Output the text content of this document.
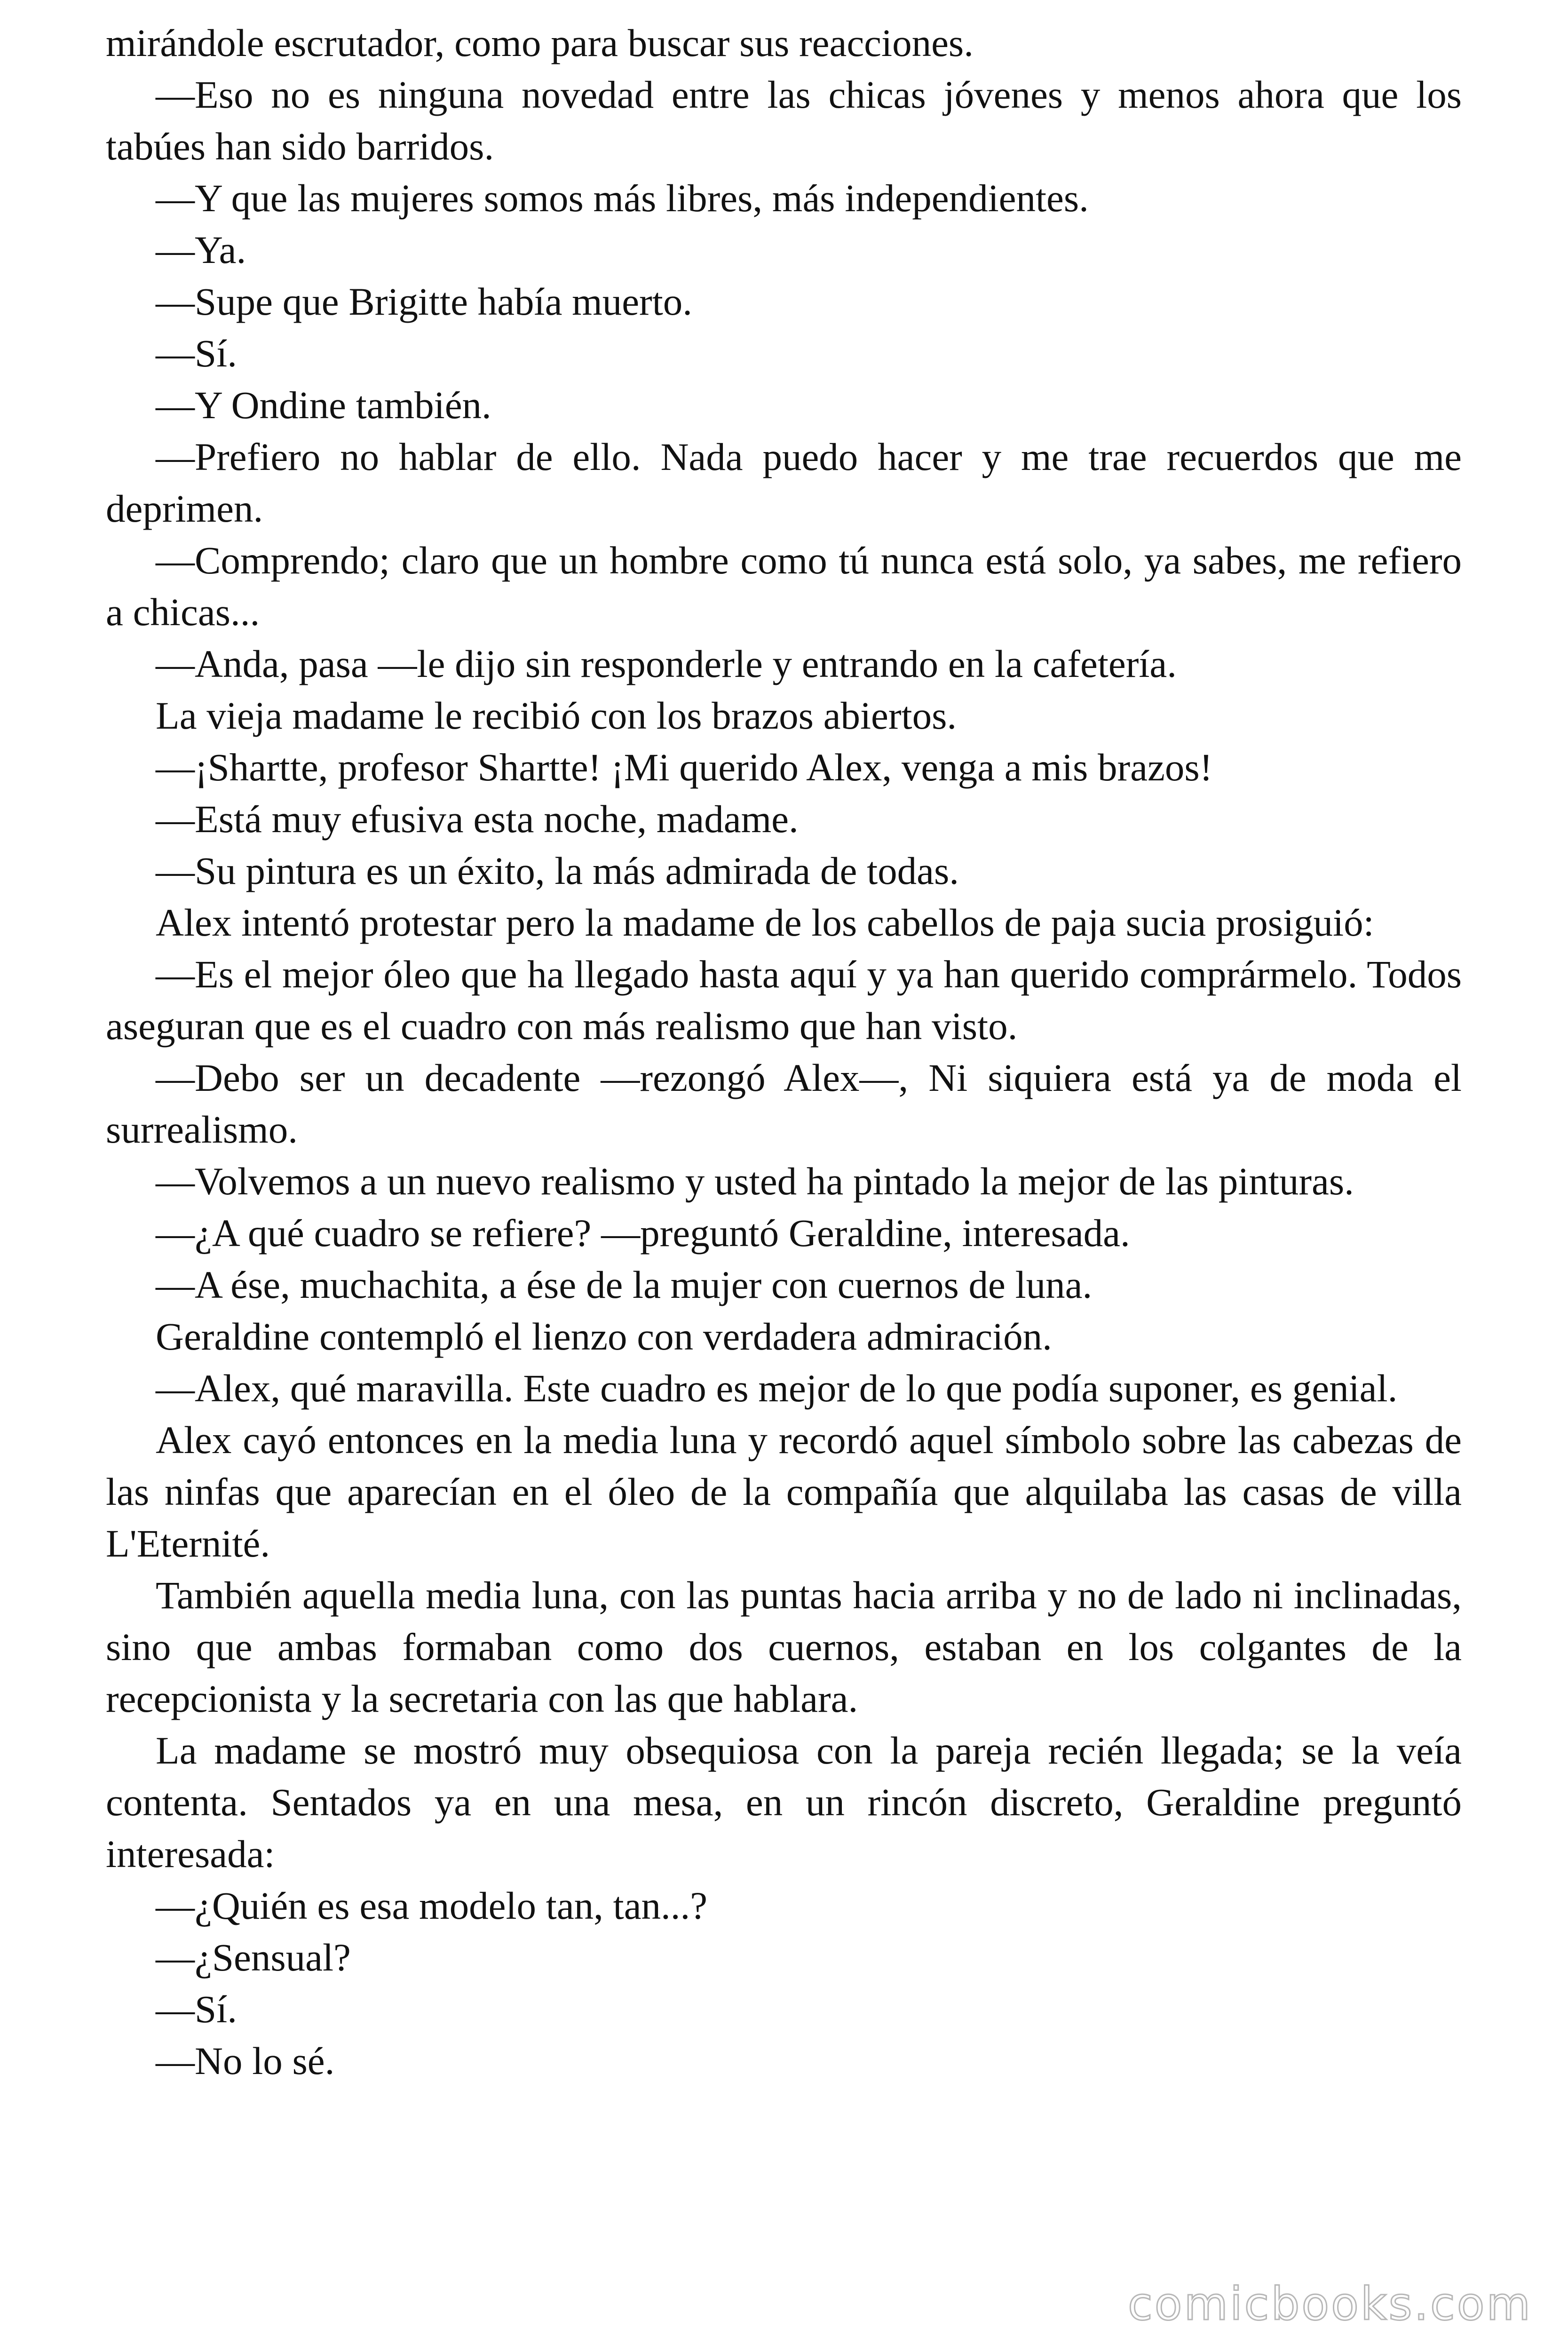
mirándole escrutador, como para buscar sus reacciones.

—Eso no es ninguna novedad entre las chicas jóvenes y menos ahora que los tabúes han sido barridos.

—Y que las mujeres somos más libres, más independientes.

—Ya.

—Supe que Brigitte había muerto.

—Sí.

—Y Ondine también.

—Prefiero no hablar de ello. Nada puedo hacer y me trae recuerdos que me deprimen.

—Comprendo; claro que un hombre como tú nunca está solo, ya sabes, me refiero a chicas...

—Anda, pasa —le dijo sin responderle y entrando en la cafetería.

La vieja madame le recibió con los brazos abiertos.

—¡Shartte, profesor Shartte! ¡Mi querido Alex, venga a mis brazos!

—Está muy efusiva esta noche, madame.

—Su pintura es un éxito, la más admirada de todas.

Alex intentó protestar pero la madame de los cabellos de paja sucia prosiguió:

—Es el mejor óleo que ha llegado hasta aquí y ya han querido comprármelo. Todos aseguran que es el cuadro con más realismo que han visto.

—Debo ser un decadente —rezongó Alex—, Ni siquiera está ya de moda el surrealismo.

—Volvemos a un nuevo realismo y usted ha pintado la mejor de las pinturas.

—¿A qué cuadro se refiere? —preguntó Geraldine, interesada.

—A ése, muchachita, a ése de la mujer con cuernos de luna.

Geraldine contempló el lienzo con verdadera admiración.

—Alex, qué maravilla. Este cuadro es mejor de lo que podía suponer, es genial.

Alex cayó entonces en la media luna y recordó aquel símbolo sobre las cabezas de las ninfas que aparecían en el óleo de la compañía que alquilaba las casas de villa L'Eternité.

También aquella media luna, con las puntas hacia arriba y no de lado ni inclinadas, sino que ambas formaban como dos cuernos, estaban en los colgantes de la recepcionista y la secretaria con las que hablara.

La madame se mostró muy obsequiosa con la pareja recién llegada; se la veía contenta. Sentados ya en una mesa, en un rincón discreto, Geraldine preguntó interesada:

—¿Quién es esa modelo tan, tan...?

—¿Sensual?

—Sí.

—No lo sé.

comicbooks.com
